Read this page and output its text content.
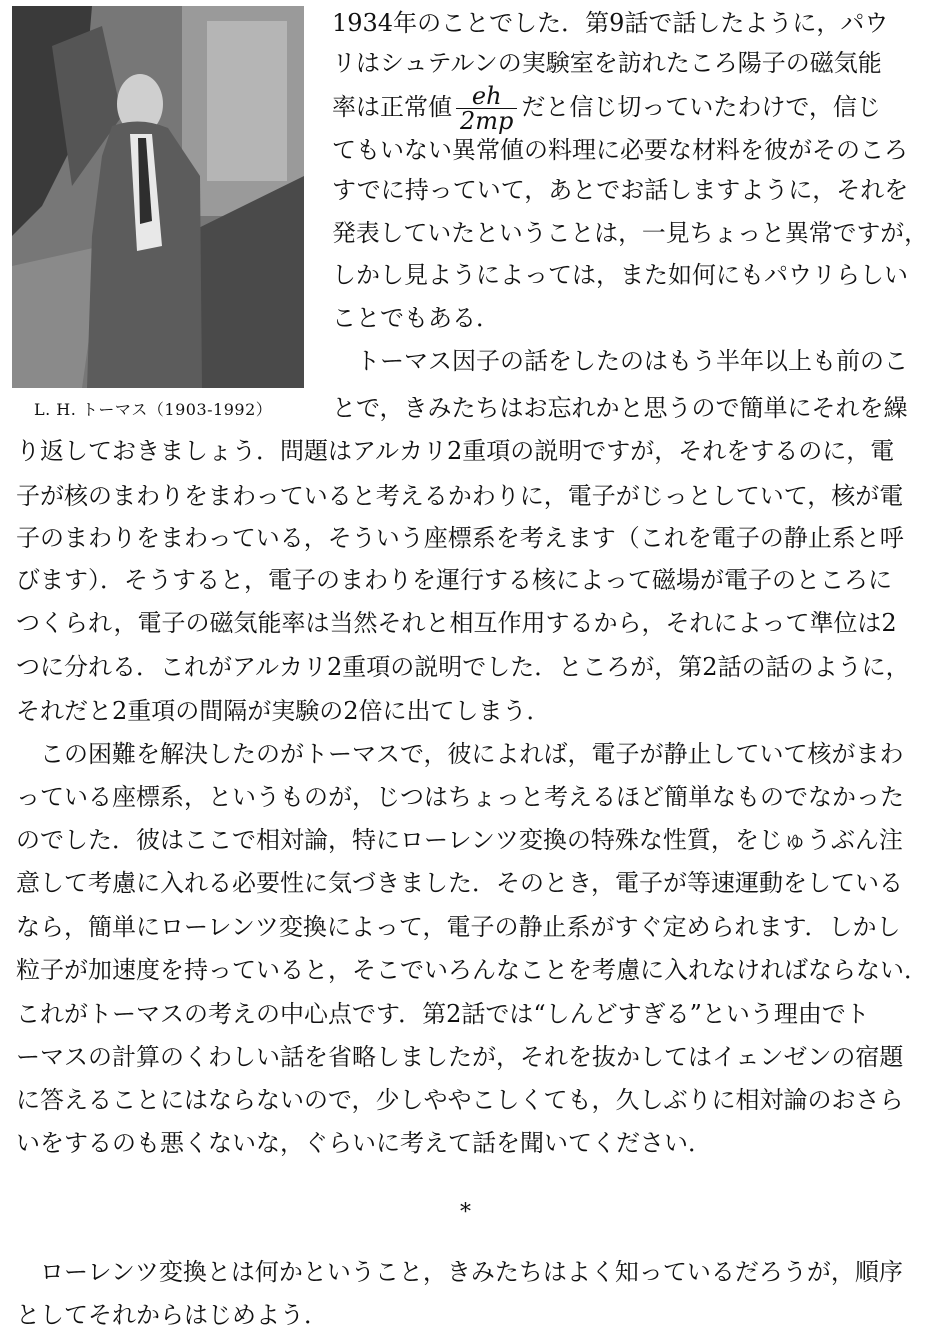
L. H. トーマス（1903-1992）
1934年のことでした．第9話で話したように，パウ
リはシュテルンの実験室を訪れたころ陽子の磁気能
率は正常値 $\frac{eh}{2mp}$ だと信じ切っていたわけで，信じ
てもいない異常値の料理に必要な材料を彼がそのころ
すでに持っていて，あとでお話しますように，それを
発表していたということは，一見ちょっと異常ですが，
しかし見ようによっては，また如何にもパウリらしい
ことでもある．
　トーマス因子の話をしたのはもう半年以上も前のこ
とで，きみたちはお忘れかと思うので簡単にそれを繰
り返しておきましょう．問題はアルカリ2重項の説明ですが，それをするのに，電
子が核のまわりをまわっていると考えるかわりに，電子がじっとしていて，核が電
子のまわりをまわっている，そういう座標系を考えます（これを電子の静止系と呼
びます）．そうすると，電子のまわりを運行する核によって磁場が電子のところに
つくられ，電子の磁気能率は当然それと相互作用するから，それによって準位は2
つに分れる．これがアルカリ2重項の説明でした．ところが，第2話の話のように，
それだと2重項の間隔が実験の2倍に出てしまう．
　この困難を解決したのがトーマスで，彼によれば，電子が静止していて核がまわ
っている座標系，というものが，じつはちょっと考えるほど簡単なものでなかった
のでした．彼はここで相対論，特にローレンツ変換の特殊な性質，をじゅうぶん注
意して考慮に入れる必要性に気づきました．そのとき，電子が等速運動をしている
なら，簡単にローレンツ変換によって，電子の静止系がすぐ定められます．しかし
粒子が加速度を持っていると，そこでいろんなことを考慮に入れなければならない．
これがトーマスの考えの中心点です．第2話では“しんどすぎる”という理由でト
ーマスの計算のくわしい話を省略しましたが，それを抜かしてはイェンゼンの宿題
に答えることにはならないので，少しややこしくても，久しぶりに相対論のおさら
いをするのも悪くないな，ぐらいに考えて話を聞いてください．
*
　ローレンツ変換とは何かということ，きみたちはよく知っているだろうが，順序
としてそれからはじめよう．
